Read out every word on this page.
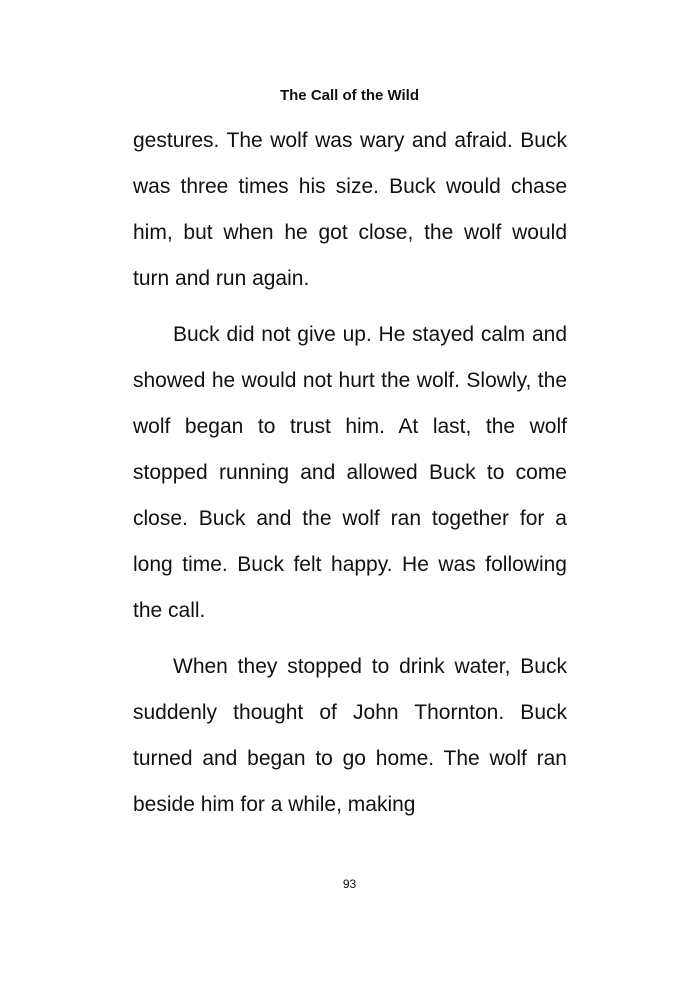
The Call of the Wild

gestures. The wolf was wary and afraid. Buck was three times his size. Buck would chase him, but when he got close, the wolf would turn and run again.

Buck did not give up. He stayed calm and showed he would not hurt the wolf. Slowly, the wolf began to trust him. At last, the wolf stopped running and allowed Buck to come close. Buck and the wolf ran together for a long time. Buck felt happy. He was following the call.

When they stopped to drink water, Buck suddenly thought of John Thornton. Buck turned and began to go home. The wolf ran beside him for a while, making

93
